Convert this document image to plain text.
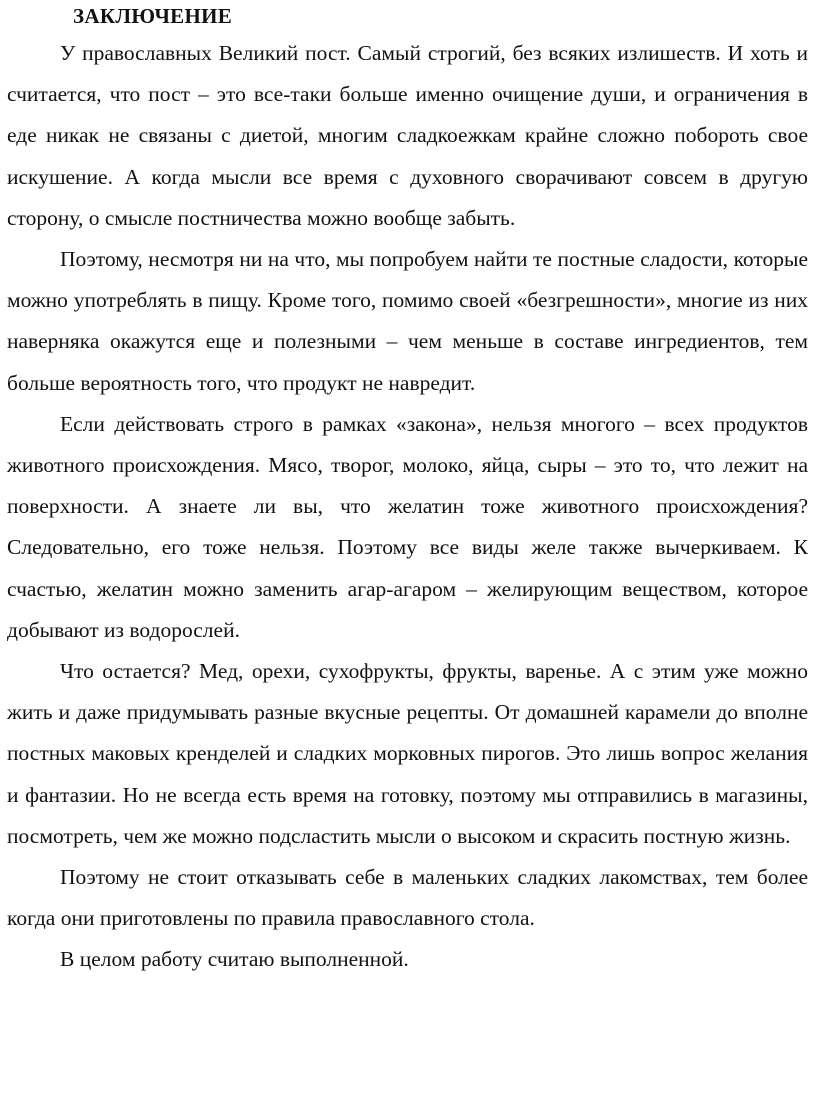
ЗАКЛЮЧЕНИЕ

У православных Великий пост. Самый строгий, без всяких излишеств. И хоть и считается, что пост – это все-таки больше именно очищение души, и ограничения в еде никак не связаны с диетой, многим сладкоежкам крайне сложно побороть свое искушение. А когда мысли все время с духовного сворачивают совсем в другую сторону, о смысле постничества можно вообще забыть.

Поэтому, несмотря ни на что, мы попробуем найти те постные сладости, которые можно употреблять в пищу. Кроме того, помимо своей «безгрешности», многие из них наверняка окажутся еще и полезными – чем меньше в составе ингредиентов, тем больше вероятность того, что продукт не навредит.

Если действовать строго в рамках «закона», нельзя многого – всех продуктов животного происхождения. Мясо, творог, молоко, яйца, сыры – это то, что лежит на поверхности. А знаете ли вы, что желатин тоже животного происхождения? Следовательно, его тоже нельзя. Поэтому все виды желе также вычеркиваем. К счастью, желатин можно заменить агар-агаром – желирующим веществом, которое добывают из водорослей.

Что остается? Мед, орехи, сухофрукты, фрукты, варенье. А с этим уже можно жить и даже придумывать разные вкусные рецепты. От домашней карамели до вполне постных маковых кренделей и сладких морковных пирогов. Это лишь вопрос желания и фантазии. Но не всегда есть время на готовку, поэтому мы отправились в магазины, посмотреть, чем же можно подсластить мысли о высоком и скрасить постную жизнь.

Поэтому не стоит отказывать себе в маленьких сладких лакомствах, тем более когда они приготовлены по правила православного стола.

В целом работу считаю выполненной.
